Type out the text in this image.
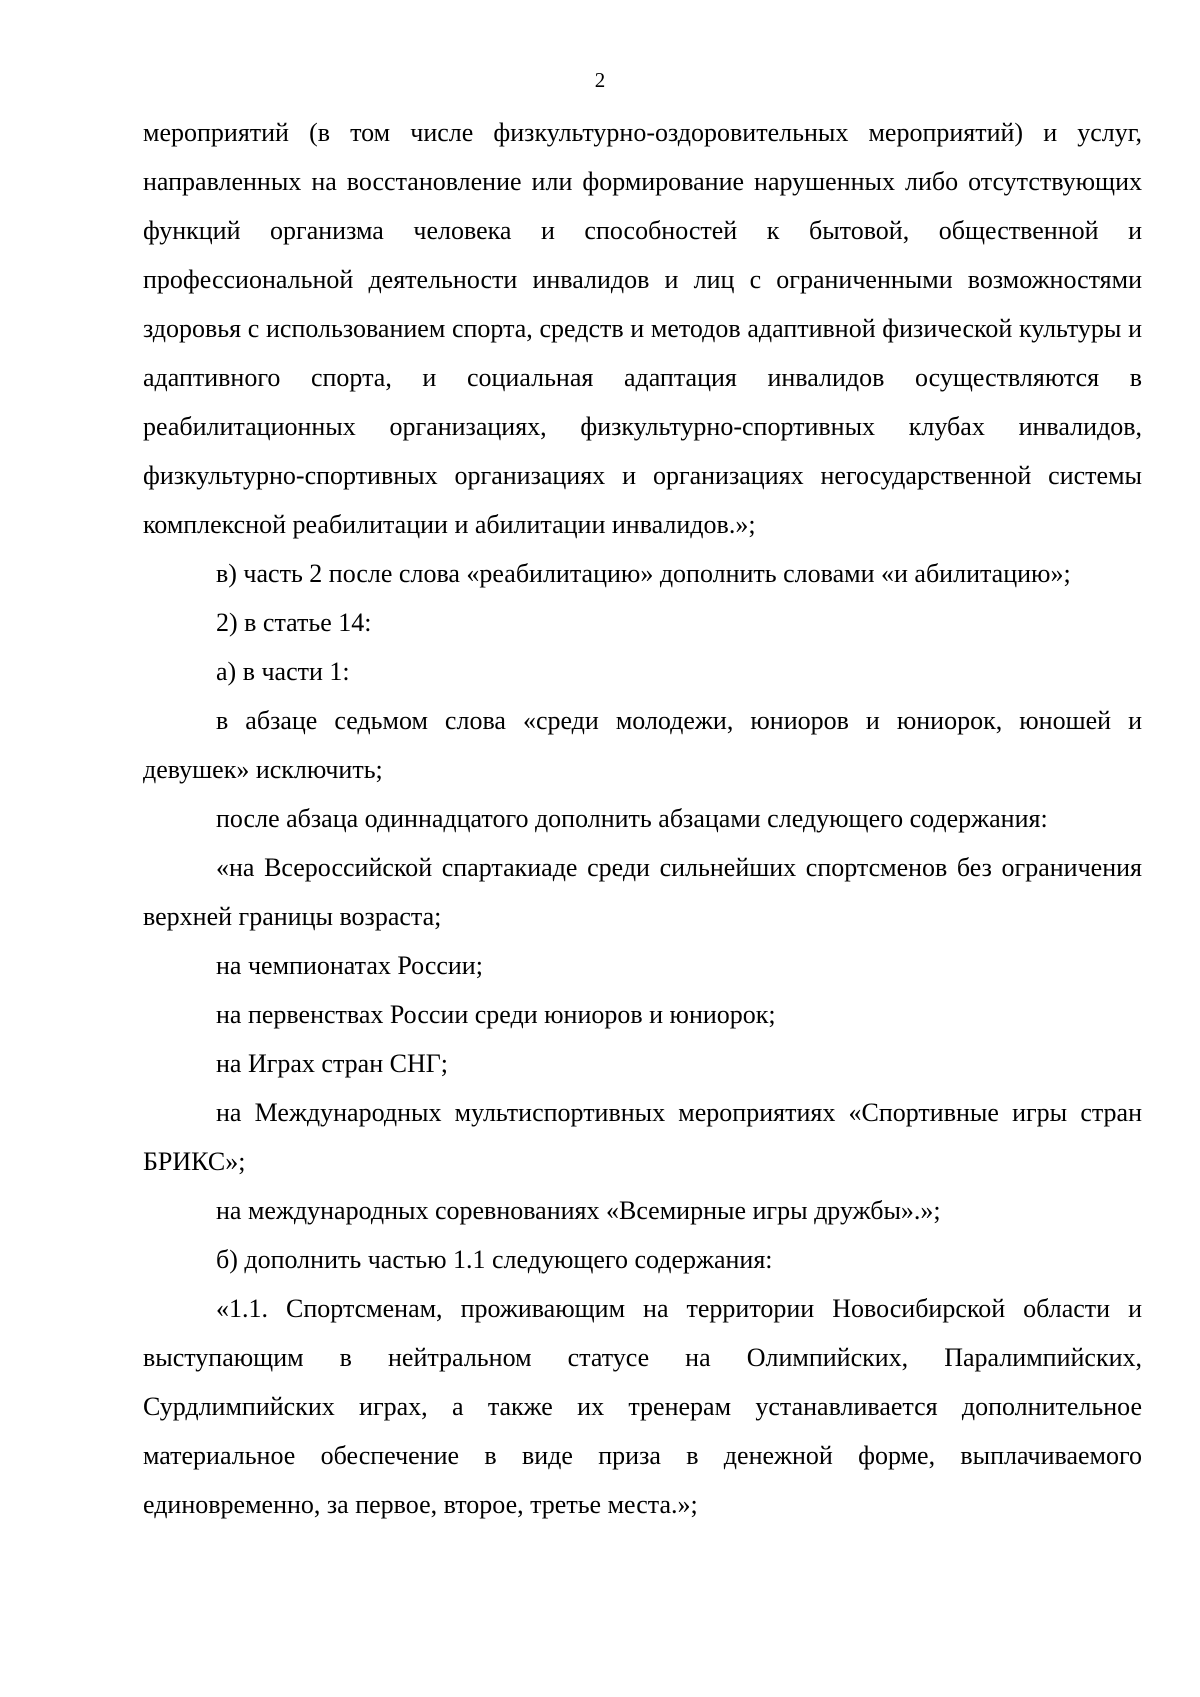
2

мероприятий (в том числе физкультурно-оздоровительных мероприятий) и услуг, направленных на восстановление или формирование нарушенных либо отсутствующих функций организма человека и способностей к бытовой, общественной и профессиональной деятельности инвалидов и лиц с ограниченными возможностями здоровья с использованием спорта, средств и методов адаптивной физической культуры и адаптивного спорта, и социальная адаптация инвалидов осуществляются в реабилитационных организациях, физкультурно-спортивных клубах инвалидов, физкультурно-спортивных организациях и организациях негосударственной системы комплексной реабилитации и абилитации инвалидов.»;

в) часть 2 после слова «реабилитацию» дополнить словами «и абилитацию»;

2) в статье 14:

а) в части 1:

в абзаце седьмом слова «среди молодежи, юниоров и юниорок, юношей и девушек» исключить;

после абзаца одиннадцатого дополнить абзацами следующего содержания:

«на Всероссийской спартакиаде среди сильнейших спортсменов без ограничения верхней границы возраста;

на чемпионатах России;

на первенствах России среди юниоров и юниорок;

на Играх стран СНГ;

на Международных мультиспортивных мероприятиях «Спортивные игры стран БРИКС»;

на международных соревнованиях «Всемирные игры дружбы».»;

б) дополнить частью 1.1 следующего содержания:

«1.1. Спортсменам, проживающим на территории Новосибирской области и выступающим в нейтральном статусе на Олимпийских, Паралимпийских, Сурдлимпийских играх, а также их тренерам устанавливается дополнительное материальное обеспечение в виде приза в денежной форме, выплачиваемого единовременно, за первое, второе, третье места.»;
